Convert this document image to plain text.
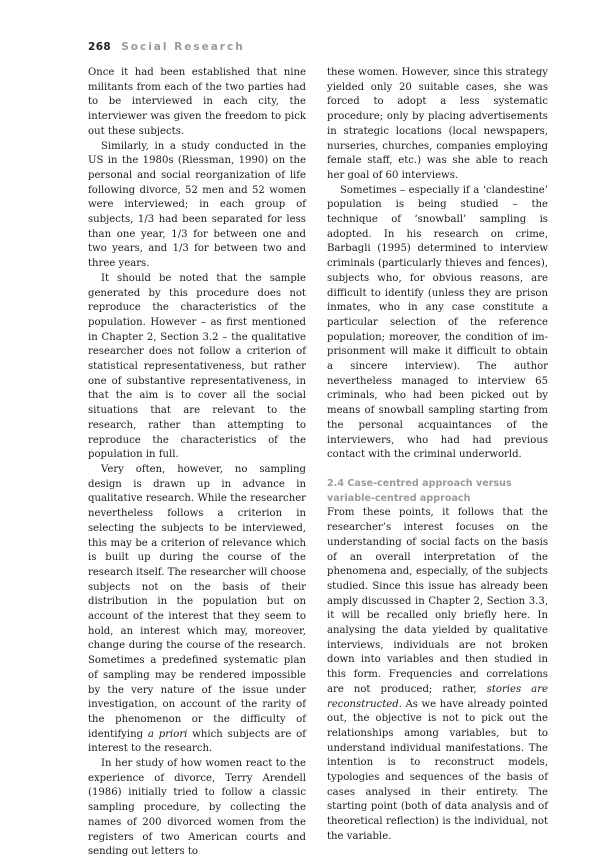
268 Social Research

Once it had been established that nine militants from each of the two parties had to be interviewed in each city, the interviewer was given the freedom to pick out these subjects.

Similarly, in a study conducted in the US in the 1980s (Riessman, 1990) on the personal and social reorganization of life following divorce, 52 men and 52 women were interviewed; in each group of subjects, 1/3 had been separated for less than one year, 1/3 for between one and two years, and 1/3 for between two and three years.

It should be noted that the sample generated by this procedure does not reproduce the characteristics of the population. However – as first mentioned in Chapter 2, Section 3.2 – the qualitative researcher does not follow a criterion of statistical representativeness, but rather one of substantive representativeness, in that the aim is to cover all the social situations that are relevant to the research, rather than attempting to reproduce the characteristics of the population in full.

Very often, however, no sampling design is drawn up in advance in qualitative research. While the researcher nevertheless follows a criterion in selecting the subjects to be interviewed, this may be a criterion of relevance which is built up during the course of the research itself. The researcher will choose subjects not on the basis of their distribution in the population but on account of the interest that they seem to hold, an interest which may, moreover, change during the course of the research. Sometimes a predefined systematic plan of sampling may be rendered impossible by the very nature of the issue under investigation, on account of the rarity of the phenomenon or the difficulty of identifying a priori which subjects are of interest to the research.

In her study of how women react to the experience of divorce, Terry Arendell (1986) initially tried to follow a classic sampling procedure, by collecting the names of 200 divorced women from the registers of two American courts and sending out letters to

these women. However, since this strategy yielded only 20 suitable cases, she was forced to adopt a less systematic procedure; only by placing advertisements in strategic locations (local newspapers, nurseries, churches, companies employing female staff, etc.) was she able to reach her goal of 60 interviews.

Sometimes – especially if a ‘clandestine’ population is being studied – the technique of ‘snowball’ sampling is adopted. In his research on crime, Barbagli (1995) determined to interview criminals (particularly thieves and fences), subjects who, for obvious reasons, are difficult to identify (unless they are prison inmates, who in any case constitute a particular selection of the reference population; moreover, the condition of imprisonment will make it difficult to obtain a sincere interview). The author nevertheless managed to interview 65 criminals, who had been picked out by means of snowball sampling starting from the personal acquaintances of the interviewers, who had had previous contact with the criminal underworld.

2.4 Case-centred approach versus variable-centred approach

From these points, it follows that the researcher’s interest focuses on the understanding of social facts on the basis of an overall interpretation of the phenomena and, especially, of the subjects studied. Since this issue has already been amply discussed in Chapter 2, Section 3.3, it will be recalled only briefly here. In analysing the data yielded by qualitative interviews, individuals are not broken down into variables and then studied in this form. Frequencies and correlations are not produced; rather, stories are reconstructed. As we have already pointed out, the objective is not to pick out the relationships among variables, but to understand individual manifestations. The intention is to reconstruct models, typologies and sequences of the basis of cases analysed in their entirety. The starting point (both of data analysis and of theoretical reflection) is the individual, not the variable.
